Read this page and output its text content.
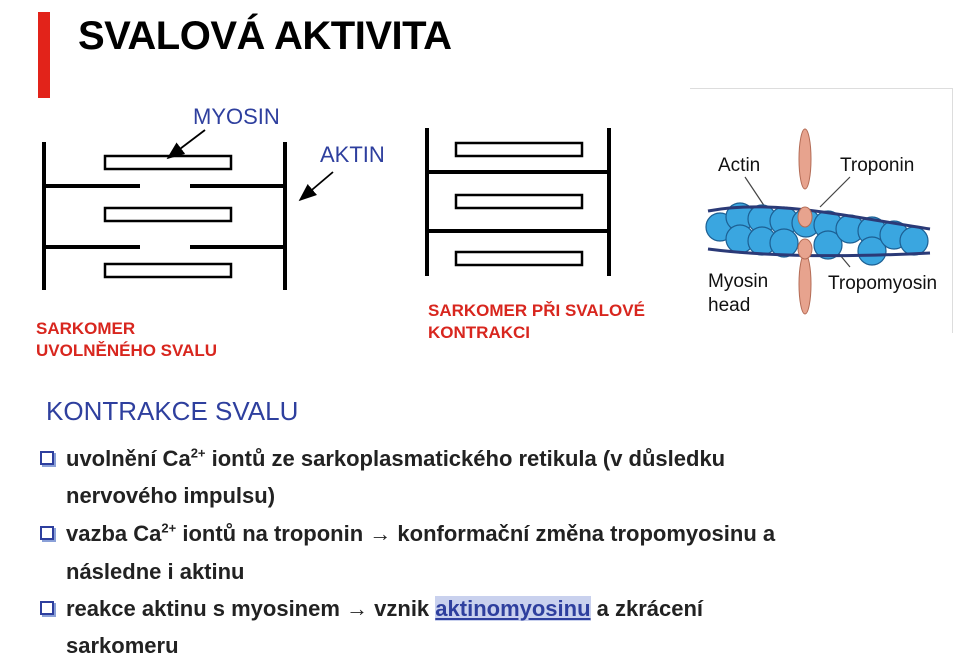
SVALOVÁ AKTIVITA
MYOSIN
AKTIN
SARKOMER
UVOLNĚNÉHO SVALU
SARKOMER PŘI SVALOVÉ
KONTRAKCI
Actin	Troponin
Myosin
head
Tropomyosin
KONTRAKCE SVALU
uvolnění $Ca^{2+}$ iontů ze sarkoplasmatického retikula (v důsledku
nervového impulsu)
vazba $Ca^{2+}$ iontů na troponin → konformační změna tropomyosinu a
následne i aktinu
reakce aktinu s myosinem → vznik aktinomyosinu a zkrácení
sarkomeru
